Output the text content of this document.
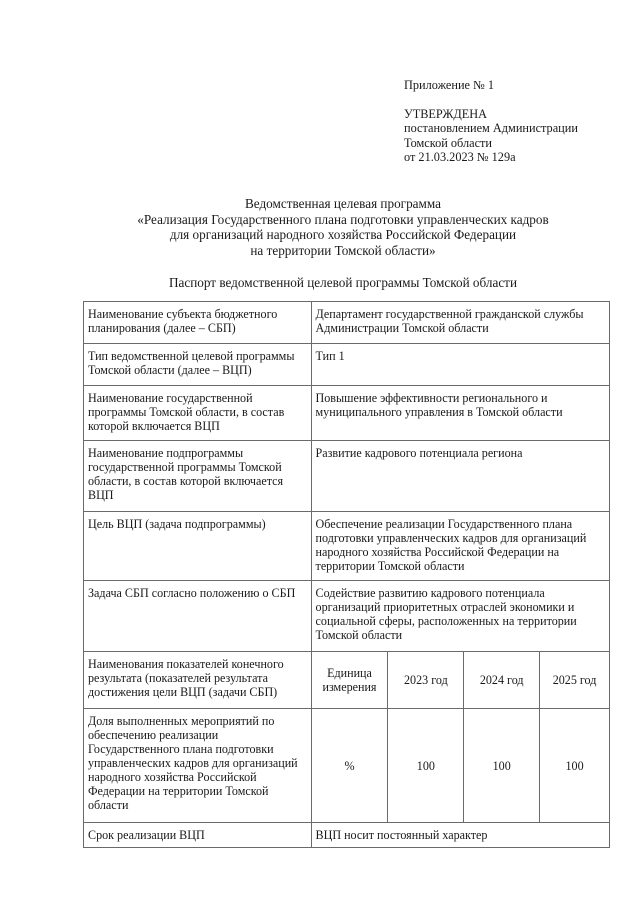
Приложение № 1
УТВЕРЖДЕНА
постановлением Администрации
Томской области
от 21.03.2023 № 129а
Ведомственная целевая программа
«Реализация Государственного плана подготовки управленческих кадров
для организаций народного хозяйства Российской Федерации
на территории Томской области»
Паспорт ведомственной целевой программы Томской области
Наименование субъекта бюджетного планирования (далее – СБП)	Департамент государственной гражданской службы Администрации Томской области			
Тип ведомственной целевой программы Томской области (далее – ВЦП)	Тип 1			
Наименование государственной программы Томской области, в состав которой включается ВЦП	Повышение эффективности регионального и муниципального управления в Томской области			
Наименование подпрограммы государственной программы Томской области, в состав которой включается ВЦП	Развитие кадрового потенциала региона			
Цель ВЦП (задача подпрограммы)	Обеспечение реализации Государственного плана подготовки управленческих кадров для организаций народного хозяйства Российской Федерации на территории Томской области			
Задача СБП согласно положению о СБП	Содействие развитию кадрового потенциала организаций приоритетных отраслей экономики и социальной сферы, расположенных на территории Томской области			
Наименования показателей конечного результата (показателей результата достижения цели ВЦП (задачи СБП)	Единица измерения	2023 год	2024 год	2025 год
Доля выполненных мероприятий по обеспечению реализации Государственного плана подготовки управленческих кадров для организаций народного хозяйства Российской Федерации на территории Томской области	%	100	100	100
Срок реализации ВЦП	ВЦП носит постоянный характер			
